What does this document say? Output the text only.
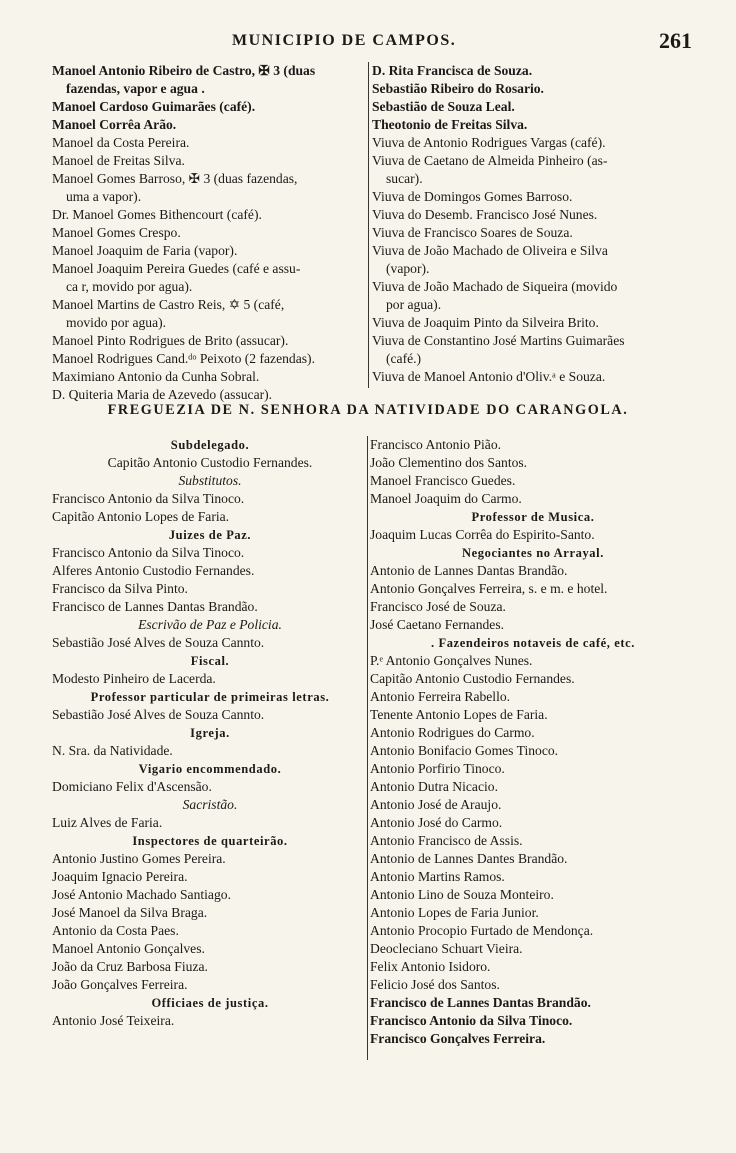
MUNICIPIO DE CAMPOS.	261
Manoel Antonio Ribeiro de Castro, ✠ 3 (duas
fazendas, vapor e agua .
Manoel Cardoso Guimarães (café).
Manoel Corrêa Arão.
Manoel da Costa Pereira.
Manoel de Freitas Silva.
Manoel Gomes Barroso, ✠ 3 (duas fazendas,
uma a vapor).
Dr. Manoel Gomes Bithencourt (café).
Manoel Gomes Crespo.
Manoel Joaquim de Faria (vapor).
Manoel Joaquim Pereira Guedes (café e assu-
ca r, movido por agua).
Manoel Martins de Castro Reis, ✡ 5 (café,
movido por agua).
Manoel Pinto Rodrigues de Brito (assucar).
Manoel Rodrigues Cand.ᵈᵒ Peixoto (2 fazendas).
Maximiano Antonio da Cunha Sobral.
D. Quiteria Maria de Azevedo (assucar).
D. Rita Francisca de Souza.
Sebastião Ribeiro do Rosario.
Sebastião de Souza Leal.
Theotonio de Freitas Silva.
Viuva de Antonio Rodrigues Vargas (café).
Viuva de Caetano de Almeida Pinheiro (as-
sucar).
Viuva de Domingos Gomes Barroso.
Viuva do Desemb. Francisco José Nunes.
Viuva de Francisco Soares de Souza.
Viuva de João Machado de Oliveira e Silva
(vapor).
Viuva de João Machado de Siqueira (movido
por agua).
Viuva de Joaquim Pinto da Silveira Brito.
Viuva de Constantino José Martins Guimarães
(café.)
Viuva de Manoel Antonio d'Oliv.ᵃ e Souza.
FREGUEZIA DE N. SENHORA DA NATIVIDADE DO CARANGOLA.
Subdelegado.
Capitão Antonio Custodio Fernandes.
Substitutos.
Francisco Antonio da Silva Tinoco.
Capitão Antonio Lopes de Faria.
Juizes de Paz.
Francisco Antonio da Silva Tinoco.
Alferes Antonio Custodio Fernandes.
Francisco da Silva Pinto.
Francisco de Lannes Dantas Brandão.
Escrivão de Paz e Policia.
Sebastião José Alves de Souza Cannto.
Fiscal.
Modesto Pinheiro de Lacerda.
Professor particular de primeiras letras.
Sebastião José Alves de Souza Cannto.
Igreja.
N. Sra. da Natividade.
Vigario encommendado.
Domiciano Felix d'Ascensão.
Sacristão.
Luiz Alves de Faria.
Inspectores de quarteirão.
Antonio Justino Gomes Pereira.
Joaquim Ignacio Pereira.
José Antonio Machado Santiago.
José Manoel da Silva Braga.
Antonio da Costa Paes.
Manoel Antonio Gonçalves.
João da Cruz Barbosa Fiuza.
João Gonçalves Ferreira.
Officiaes de justiça.
Antonio José Teixeira.
Francisco Antonio Pião.
João Clementino dos Santos.
Manoel Francisco Guedes.
Manoel Joaquim do Carmo.
Professor de Musica.
Joaquim Lucas Corrêa do Espirito-Santo.
Negociantes no Arrayal.
Antonio de Lannes Dantas Brandão.
Antonio Gonçalves Ferreira, s. e m. e hotel.
Francisco José de Souza.
José Caetano Fernandes.
. Fazendeiros notaveis de café, etc.
P.ᵉ Antonio Gonçalves Nunes.
Capitão Antonio Custodio Fernandes.
Antonio Ferreira Rabello.
Tenente Antonio Lopes de Faria.
Antonio Rodrigues do Carmo.
Antonio Bonifacio Gomes Tinoco.
Antonio Porfirio Tinoco.
Antonio Dutra Nicacio.
Antonio José de Araujo.
Antonio José do Carmo.
Antonio Francisco de Assis.
Antonio de Lannes Dantes Brandão.
Antonio Martins Ramos.
Antonio Lino de Souza Monteiro.
Antonio Lopes de Faria Junior.
Antonio Procopio Furtado de Mendonça.
Deocleciano Schuart Vieira.
Felix Antonio Isidoro.
Felicio José dos Santos.
Francisco de Lannes Dantas Brandão.
Francisco Antonio da Silva Tinoco.
Francisco Gonçalves Ferreira.
